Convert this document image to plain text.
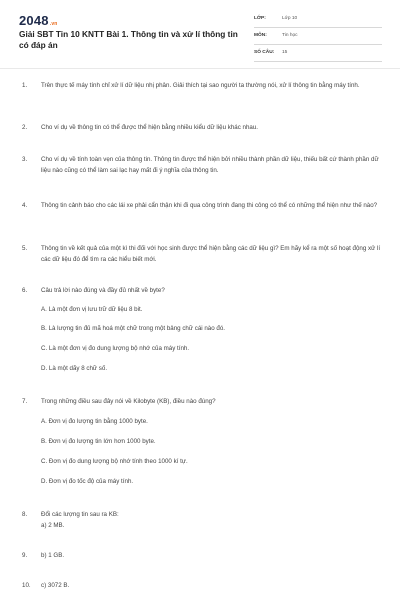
2048.vn
Giải SBT Tin 10 KNTT Bài 1. Thông tin và xử lí thông tin có đáp án
LỚP:	Lớp 10
MÔN:	Tin học
SỐ CÂU: 15
1.	Trên thực tế máy tính chỉ xử lí dữ liệu nhị phân. Giải thích tại sao người ta thường nói, xử lí thông tin bằng máy tính.
2.	Cho ví dụ về thông tin có thể được thể hiện bằng nhiều kiểu dữ liệu khác nhau.
3.	Cho ví dụ về tính toàn vẹn của thông tin. Thông tin được thể hiện bởi nhiều thành phần dữ liệu, thiếu bất cứ thành phần dữ liệu nào cũng có thể làm sai lạc hay mất đi ý nghĩa của thông tin.
4.	Thông tin cảnh báo cho các lái xe phải cẩn thận khi đi qua công trình đang thi công có thể có những thể hiện như thế nào?
5.	Thông tin về kết quả của một kì thi đối với học sinh được thể hiện bằng các dữ liệu gì? Em hãy kể ra một số hoạt động xử lí các dữ liệu đó để tìm ra các hiểu biết mới.
6.	Câu trả lời nào đúng và đầy đủ nhất về byte?
A. Là một đơn vị lưu trữ dữ liệu 8 bit.
B. Là lượng tin đủ mã hoá một chữ trong một bảng chữ cái nào đó.
C. Là một đơn vị đo dung lượng bộ nhớ của máy tính.
D. Là một dãy 8 chữ số.
7.	Trong những điều sau đây nói về Kilobyte (KB), điều nào đúng?
A. Đơn vị đo lượng tin bằng 1000 byte.
B. Đơn vị đo lượng tin lớn hơn 1000 byte.
C. Đơn vị đo dung lượng bộ nhớ tính theo 1000 kí tự.
D. Đơn vị đo tốc độ của máy tính.
8.	Đổi các lượng tin sau ra KB:
a) 2 MB.
9.	b) 1 GB.
10.	c) 3072 B.
